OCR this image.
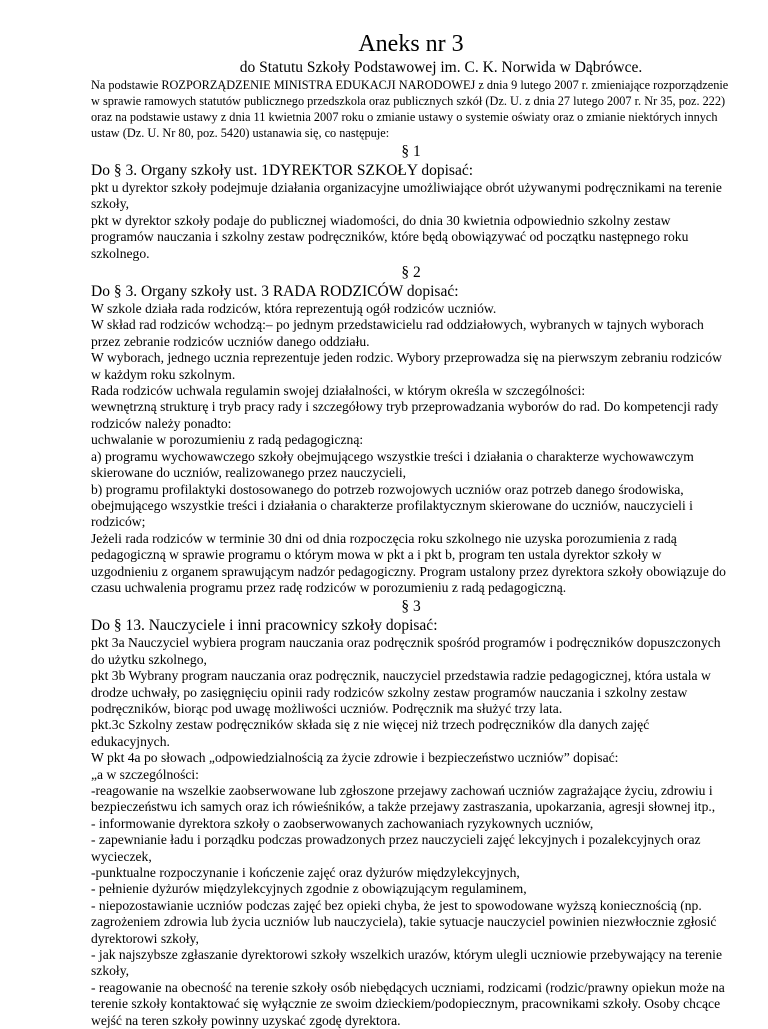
Aneks nr 3

do Statutu Szkoły Podstawowej im. C. K. Norwida w Dąbrówce.

Na podstawie ROZPORZĄDZENIE MINISTRA EDUKACJI NARODOWEJ z dnia 9 lutego 2007 r. zmieniające rozporządzenie w sprawie ramowych statutów publicznego przedszkola oraz publicznych szkół (Dz. U. z dnia 27 lutego 2007 r. Nr 35, poz. 222) oraz na podstawie ustawy z dnia 11 kwietnia 2007 roku o zmianie ustawy o systemie oświaty oraz o zmianie niektórych innych ustaw (Dz. U. Nr 80, poz. 5420) ustanawia się, co następuje:

§ 1

Do § 3. Organy szkoły ust. 1DYREKTOR SZKOŁY dopisać:

pkt u dyrektor szkoły podejmuje działania organizacyjne umożliwiające obrót używanymi podręcznikami na terenie szkoły,

pkt w dyrektor szkoły podaje do publicznej wiadomości, do dnia 30 kwietnia odpowiednio szkolny zestaw programów nauczania i szkolny zestaw podręczników, które będą obowiązywać od początku następnego roku szkolnego.

§ 2

Do § 3. Organy szkoły ust. 3 RADA RODZICÓW dopisać:

W szkole działa rada rodziców, która reprezentują ogół rodziców uczniów.

W skład rad rodziców wchodzą:– po jednym przedstawicielu rad oddziałowych, wybranych w tajnych wyborach przez zebranie rodziców uczniów danego oddziału.

W wyborach, jednego ucznia reprezentuje jeden rodzic. Wybory przeprowadza się na pierwszym zebraniu rodziców w każdym roku szkolnym.

Rada rodziców uchwala regulamin swojej działalności, w którym określa w szczególności:

wewnętrzną strukturę i tryb pracy rady i szczegółowy tryb przeprowadzania wyborów do rad. Do kompetencji rady rodziców należy ponadto:

uchwalanie w porozumieniu z radą pedagogiczną:

a) programu wychowawczego szkoły obejmującego wszystkie treści i działania o charakterze wychowawczym skierowane do uczniów, realizowanego przez nauczycieli,

b) programu profilaktyki dostosowanego do potrzeb rozwojowych uczniów oraz potrzeb danego środowiska, obejmującego wszystkie treści i działania o charakterze profilaktycznym skierowane do uczniów, nauczycieli i rodziców;

Jeżeli rada rodziców w terminie 30 dni od dnia rozpoczęcia roku szkolnego nie uzyska porozumienia z radą pedagogiczną w sprawie programu o którym mowa w pkt a i pkt b, program ten ustala dyrektor szkoły w uzgodnieniu z organem sprawującym nadzór pedagogiczny. Program ustalony przez dyrektora szkoły obowiązuje do czasu uchwalenia programu przez radę rodziców w porozumieniu z radą pedagogiczną.

§ 3

Do § 13. Nauczyciele i inni pracownicy szkoły dopisać:

pkt 3a Nauczyciel wybiera program nauczania oraz podręcznik spośród programów i podręczników dopuszczonych do użytku szkolnego,

pkt 3b Wybrany program nauczania oraz podręcznik, nauczyciel przedstawia radzie pedagogicznej, która ustala w drodze uchwały, po zasięgnięciu opinii rady rodziców szkolny zestaw programów nauczania i szkolny zestaw podręczników, biorąc pod uwagę możliwości uczniów. Podręcznik ma służyć trzy lata.

pkt.3c Szkolny zestaw podręczników składa się z nie więcej niż trzech podręczników dla danych zajęć edukacyjnych.

W pkt 4a po słowach „odpowiedzialnością za życie zdrowie i bezpieczeństwo uczniów” dopisać:

„a w szczególności:

-reagowanie na wszelkie zaobserwowane lub zgłoszone przejawy zachowań uczniów zagrażające życiu, zdrowiu i bezpieczeństwu ich samych oraz ich rówieśników, a także przejawy zastraszania, upokarzania, agresji słownej itp.,

- informowanie dyrektora szkoły o zaobserwowanych zachowaniach ryzykownych uczniów,

- zapewnianie ładu i porządku podczas prowadzonych przez nauczycieli zajęć lekcyjnych i pozalekcyjnych oraz wycieczek,

-punktualne rozpoczynanie i kończenie zajęć oraz dyżurów międzylekcyjnych,

- pełnienie dyżurów międzylekcyjnych zgodnie z obowiązującym regulaminem,

- niepozostawianie uczniów podczas zajęć bez opieki chyba, że jest to spowodowane wyższą koniecznością (np. zagrożeniem zdrowia lub życia uczniów lub nauczyciela), takie sytuacje nauczyciel powinien niezwłocznie zgłosić dyrektorowi szkoły,

- jak najszybsze zgłaszanie dyrektorowi szkoły wszelkich urazów, którym ulegli uczniowie przebywający na terenie szkoły,

- reagowanie na obecność na terenie szkoły osób niebędących uczniami, rodzicami (rodzic/prawny opiekun może na terenie szkoły kontaktować się wyłącznie ze swoim dzieckiem/podopiecznym, pracownikami szkoły. Osoby chcące wejść na teren szkoły powinny uzyskać zgodę dyrektora.
